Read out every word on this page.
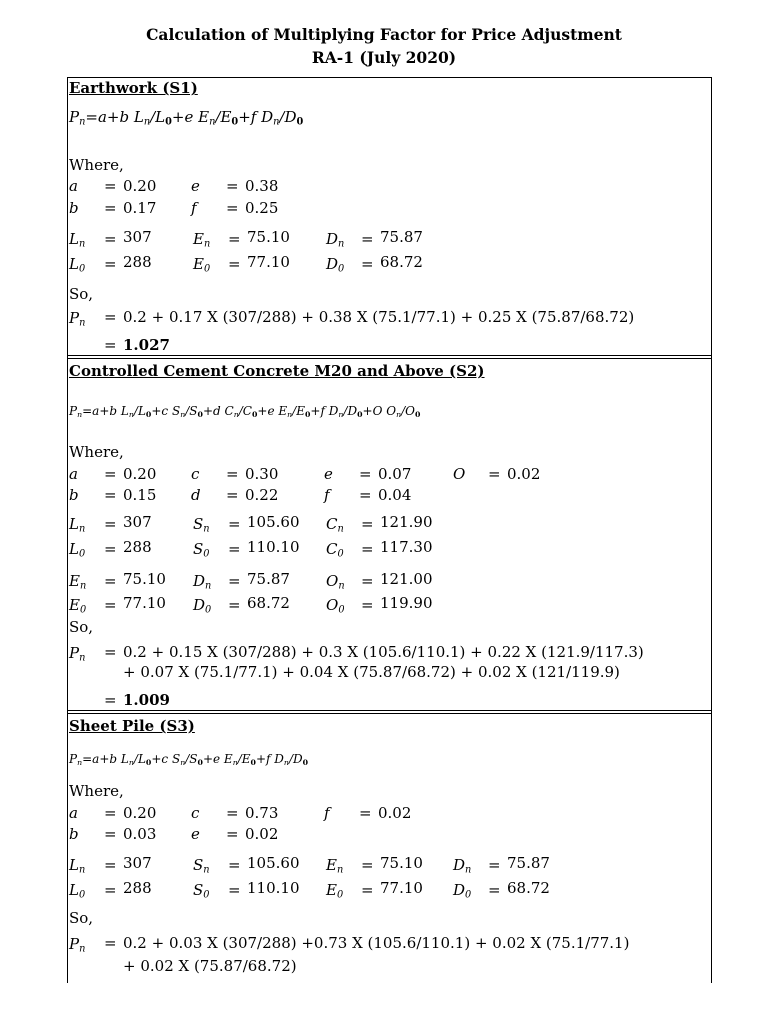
Calculation of Multiplying Factor for Price Adjustment
RA-1 (July 2020)
Earthwork (S1)
$P_n=a+b$ $L_n/L_0+e$ $E_n/E_0+f$ $D_n/D_0$
Where,
a = 0.20 e = 0.38
b = 0.17 f = 0.25
$L_n = 307$	$E_n = 75.10$ $D_n = 75.87$
$L_0 = 288$	$E_0 = 77.10$ $D_0 = 68.72$
So,
$P_n = 0.2 + 0.17$ X (307/288) + 0.38 X (75.1/77.1) + 0.25 X (75.87/68.72)
= 1.027
Controlled Cement Concrete M20 and Above (S2)
$P_n=a+b$ $L_n/L_0+c$ $S_n/S_0+d$ $C_n/C_0+e$ $E_n/E_0+f$ $D_n/D_0+O$ $O_n/O_0$
Where,
a = 0.20 c = 0.30	e = 0.07	O = 0.02
b = 0.15 d = 0.22	f = 0.04
$L_n = 307$	$S_n = 105.60$ $C_n = 121.90$
$L_0 = 288$	$S_0 = 110.10$ $C_0 = 117.30$
$E_n = 75.10$ $D_n = 75.87$ $O_n = 121.00$
$E_0 = 77.10$ $D_0 = 68.72$ $O_0 = 119.90$
So,
$P_n = 0.2 + 0.15$ X (307/288) + 0.3 X (105.6/110.1) + 0.22 X (121.9/117.3)
+ 0.07 X (75.1/77.1) + 0.04 X (75.87/68.72) + 0.02 X (121/119.9)
= 1.009
Sheet Pile (S3)
$P_n=a+b$ $L_n/L_0+c$ $S_n/S_0+e$ $E_n/E_0+f$ $D_n/D_0$
Where,
a = 0.20 c = 0.73	f = 0.02
b = 0.03 e = 0.02
$L_n = 307$	$S_n = 105.60$ $E_n = 75.10$ $D_n = 75.87$
$L_0 = 288$	$S_0 = 110.10$ $E_0 = 77.10$ $D_0 = 68.72$
So,
$P_n = 0.2 + 0.03$ X (307/288) +0.73 X (105.6/110.1) + 0.02 X (75.1/77.1)
+ 0.02 X (75.87/68.72)
